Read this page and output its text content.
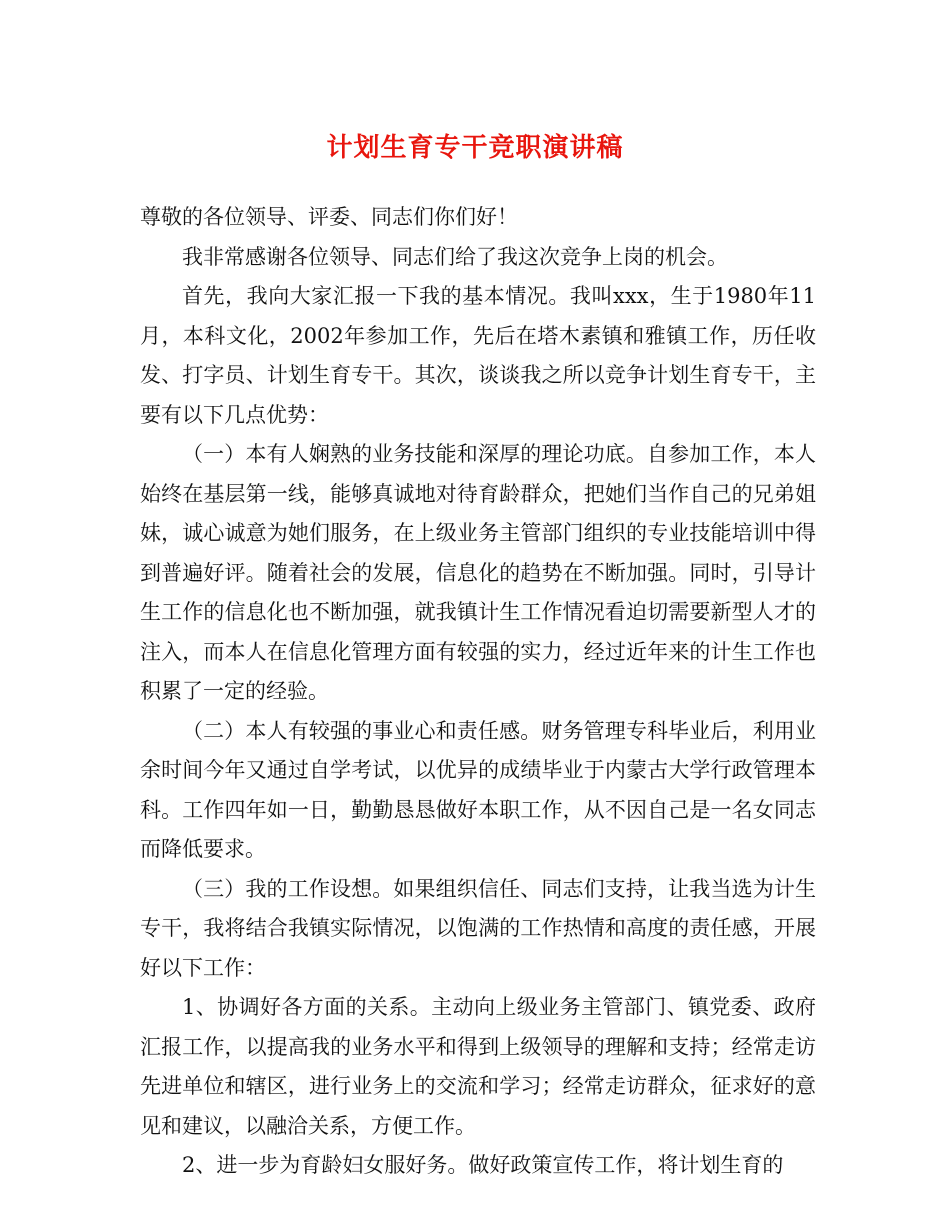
计划生育专干竞职演讲稿

尊敬的各位领导、评委、同志们你们好！

我非常感谢各位领导、同志们给了我这次竞争上岗的机会。

首先，我向大家汇报一下我的基本情况。我叫xxx，生于1980年11月，本科文化，2002年参加工作，先后在塔木素镇和雅镇工作，历任收发、打字员、计划生育专干。其次，谈谈我之所以竞争计划生育专干，主要有以下几点优势：

（一）本有人娴熟的业务技能和深厚的理论功底。自参加工作，本人始终在基层第一线，能够真诚地对待育龄群众，把她们当作自己的兄弟姐妹，诚心诚意为她们服务，在上级业务主管部门组织的专业技能培训中得到普遍好评。随着社会的发展，信息化的趋势在不断加强。同时，引导计生工作的信息化也不断加强，就我镇计生工作情况看迫切需要新型人才的注入，而本人在信息化管理方面有较强的实力，经过近年来的计生工作也积累了一定的经验。

（二）本人有较强的事业心和责任感。财务管理专科毕业后，利用业余时间今年又通过自学考试，以优异的成绩毕业于内蒙古大学行政管理本科。工作四年如一日，勤勤恳恳做好本职工作，从不因自己是一名女同志而降低要求。

（三）我的工作设想。如果组织信任、同志们支持，让我当选为计生专干，我将结合我镇实际情况，以饱满的工作热情和高度的责任感，开展好以下工作：

1、协调好各方面的关系。主动向上级业务主管部门、镇党委、政府汇报工作，以提高我的业务水平和得到上级领导的理解和支持；经常走访先进单位和辖区，进行业务上的交流和学习；经常走访群众，征求好的意见和建议，以融洽关系，方便工作。

2、进一步为育龄妇女服好务。做好政策宣传工作，将计划生育的
